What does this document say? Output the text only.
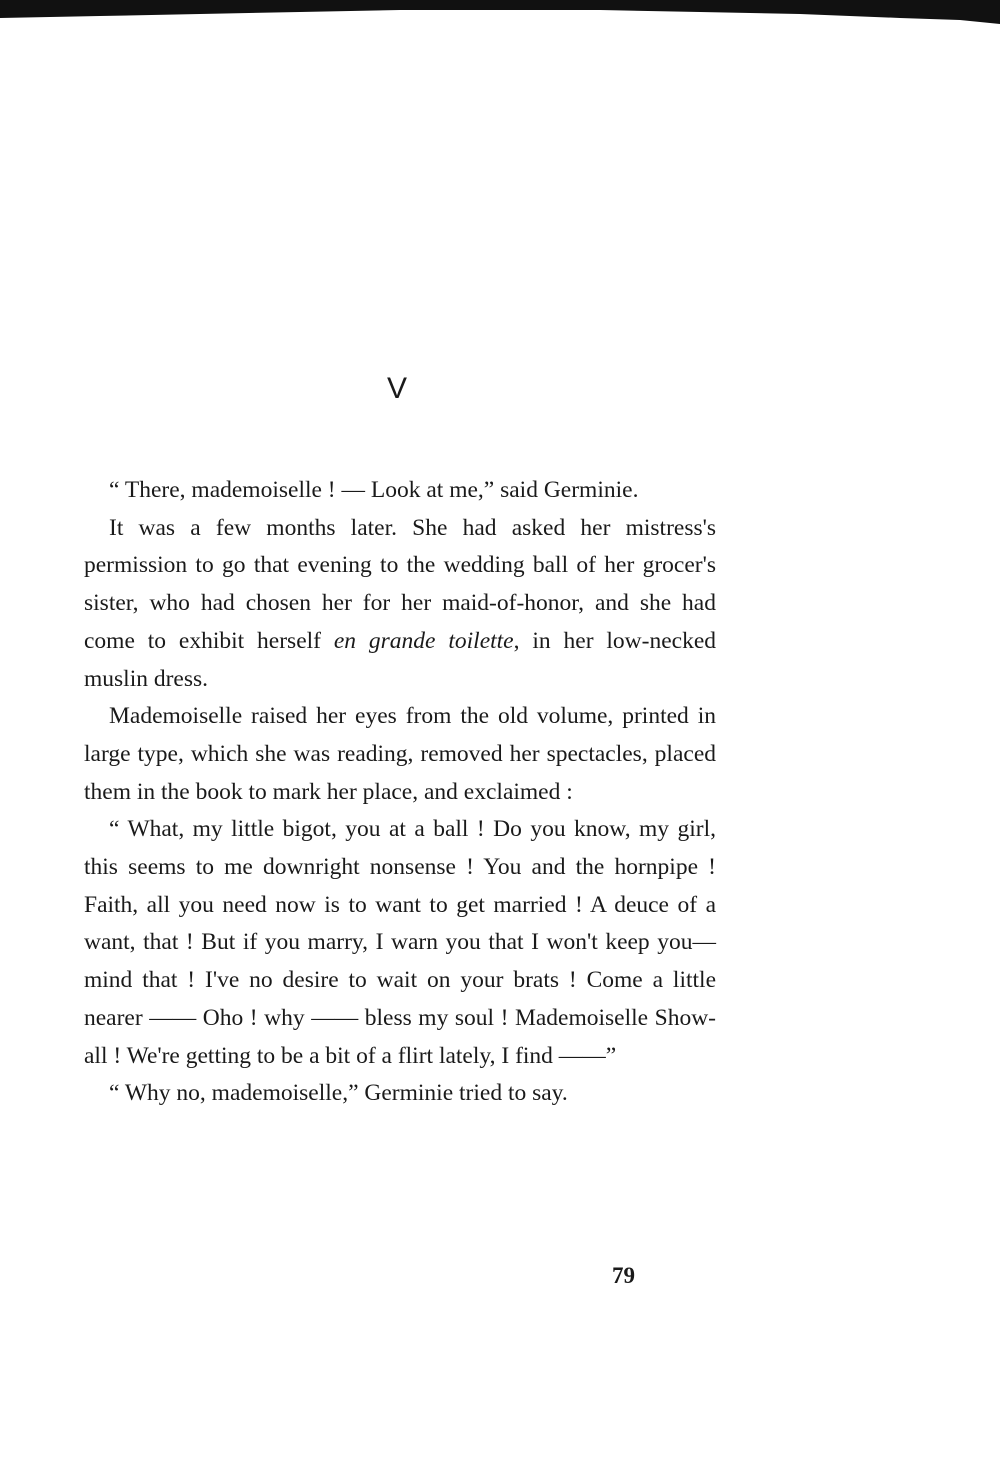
V

“ There, mademoiselle ! — Look at me,” said Germinie.

It was a few months later. She had asked her mistress's permission to go that evening to the wedding ball of her grocer's sister, who had chosen her for her maid-of-honor, and she had come to exhibit herself en grande toilette, in her low-necked muslin dress.

Mademoiselle raised her eyes from the old volume, printed in large type, which she was reading, removed her spectacles, placed them in the book to mark her place, and exclaimed :

“ What, my little bigot, you at a ball ! Do you know, my girl, this seems to me downright nonsense ! You and the hornpipe ! Faith, all you need now is to want to get married ! A deuce of a want, that ! But if you marry, I warn you that I won't keep you—mind that ! I've no desire to wait on your brats ! Come a little nearer —— Oho ! why —— bless my soul ! Mademoiselle Show-all ! We're getting to be a bit of a flirt lately, I find ——”

“ Why no, mademoiselle,” Germinie tried to say.

79
